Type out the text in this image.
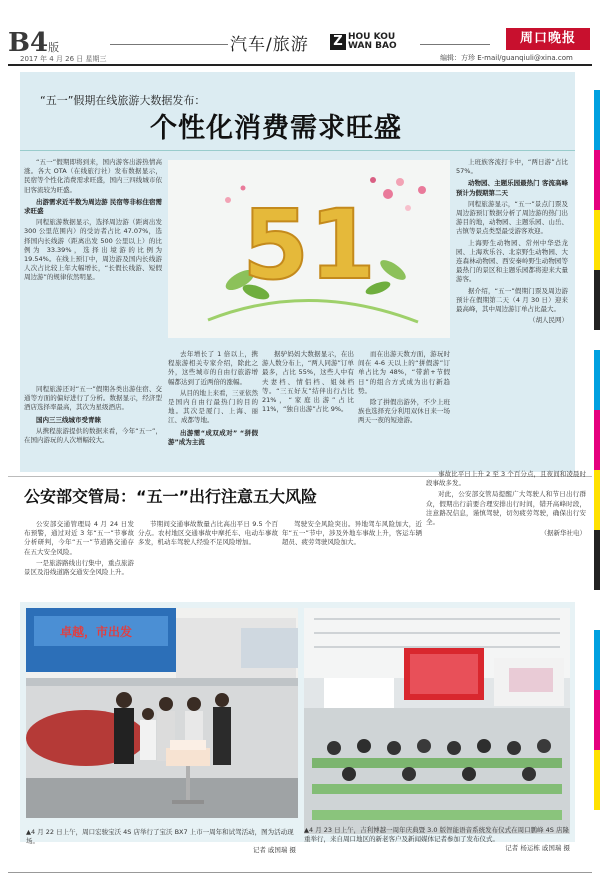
B4版
2017 年 4 月 26 日 星期三
汽车/旅游 Z HOU KOU
WAN BAO	周口晚报
编辑：方珍 E-mail/guanqiuli@xina.com
“五一”假期在线旅游大数据发布：
个性化消费需求旺盛
51

“五一”假期即将到来，国内游客出游热情高涨。各大 OTA（在线旅行社）发布数据显示，民宿等个性化消费需求旺盛，国内三四线城市依旧客流较为旺盛。

出游需求近半数为周边游 民宿等非标住宿需求旺盛

同程旅游数据显示，选择周边游（距离出发 300 公里范围内）的受访者占比 47.07%，选择国内长线游（距离出发 500 公里以上）的比例为 33.39%，选择出境游的比例为 19.54%。在线上预订中，周边游及国内长线游人次占比较上年大幅增长，“长假长线游、短假周边游”的规律依然明显。

同程旅游还对“五一”假期各类出游住宿、交通等方面的偏好进行了分析。数据显示，经济型酒店选择率最高，其次为星级酒店。

国内三三线城市受青睐

从携程旅游提供的数据来看，今年“五一”，在国内游玩的人次增幅较大。

去年增长了 1 倍以上，携程旅游相关专家介绍，除此之外，这些城市的自由行旅游增幅都达到了近两倍的涨幅。

从目的地上来看，三亚依然是国内自由行最热门的目的地。其次是厦门、上海、丽江、成都等地。

出游需“成双成对” “拼假游”成为主流

据驴妈妈大数据显示，在出游人数分布上，“两人同游”订单最多，占比 55%，这些人中有夫妻档、情侣档、姐妹档等。“三五好友”结伴出行占比 21%，“家庭出游”占比 11%，“独自出游”占比 9%。

而在出游天数方面，游玩时间在 4-6 天以上的“拼假游”订单占比为 48%，“带薪+节假日”的组合方式成为出行新趋势。

除了拼假出游外，不少上班族也选择充分利用双休日来一场两天一夜的短途游。

上班族客流打卡中，“两日游”占比 57%。

动物园、主题乐园最热门 客流高峰预计为假期第二天

同程旅游显示，“五一”景点门票及周边游预订数据分析了周边游的热门出游目的地，动物园、主题乐园、山岳、古镇等景点类型最受游客欢迎。

上海野生动物园、常州中华恐龙园、上海欢乐谷、北京野生动物园、大连森林动物园、西安秦岭野生动物园等最热门的景区和主题乐园都将迎来大量游客。

据介绍，“五一”假期门票及周边游预计在假期第二天（4 月 30 日）迎来最高峰，其中周边游订单占比最大。

（胡人民网）

公安部交管局：“五一”出行注意五大风险

公安部交通管理局 4 月 24 日发布预警，通过对近 3 年“五一”节事故分析研判，今年“五一”节道路交通存在五大安全风险。

一是旅游路线出行集中，重点旅游景区及沿线道路交通安全风险上升。

节期间交通事故数量占比高出平日 9.5 个百分点。农村地区交通事故中摩托车、电动车事故多发，机动车驾驶人经验不足风险增加。

驾驶安全风险突出。异地驾车风险加大，近年“五一”节中，涉及外地车事故上升，客运车辆超员、疲劳驾驶风险加大。

事故比平日上升 2 至 3 个百分点，且夜间和凌晨时段事故多发。

对此，公安部交管局提醒广大驾驶人和节日出行群众，假期出行前要合理安排出行时间，错开高峰时段，注意路况信息，谨慎驾驶，切勿疲劳驾驶，确保出行安全。

（据新华社电）

卓越，市出发
▲4 月 22 日上午，周口宏骏宝沃 4S 店举行了宝沃 BX7 上市一周年和试驾活动，图为活动现场。
记者 戚国瑞 摄
▲4 月 23 日上午，吉利博越一周年庆典暨 3.0 版智能语音系统发布仪式在周口鹏峰 4S 店隆重举行，来自周口地区的新老客户及新闻媒体记者参加了发布仪式。
记者 杨运栋 戚国瑞 摄
